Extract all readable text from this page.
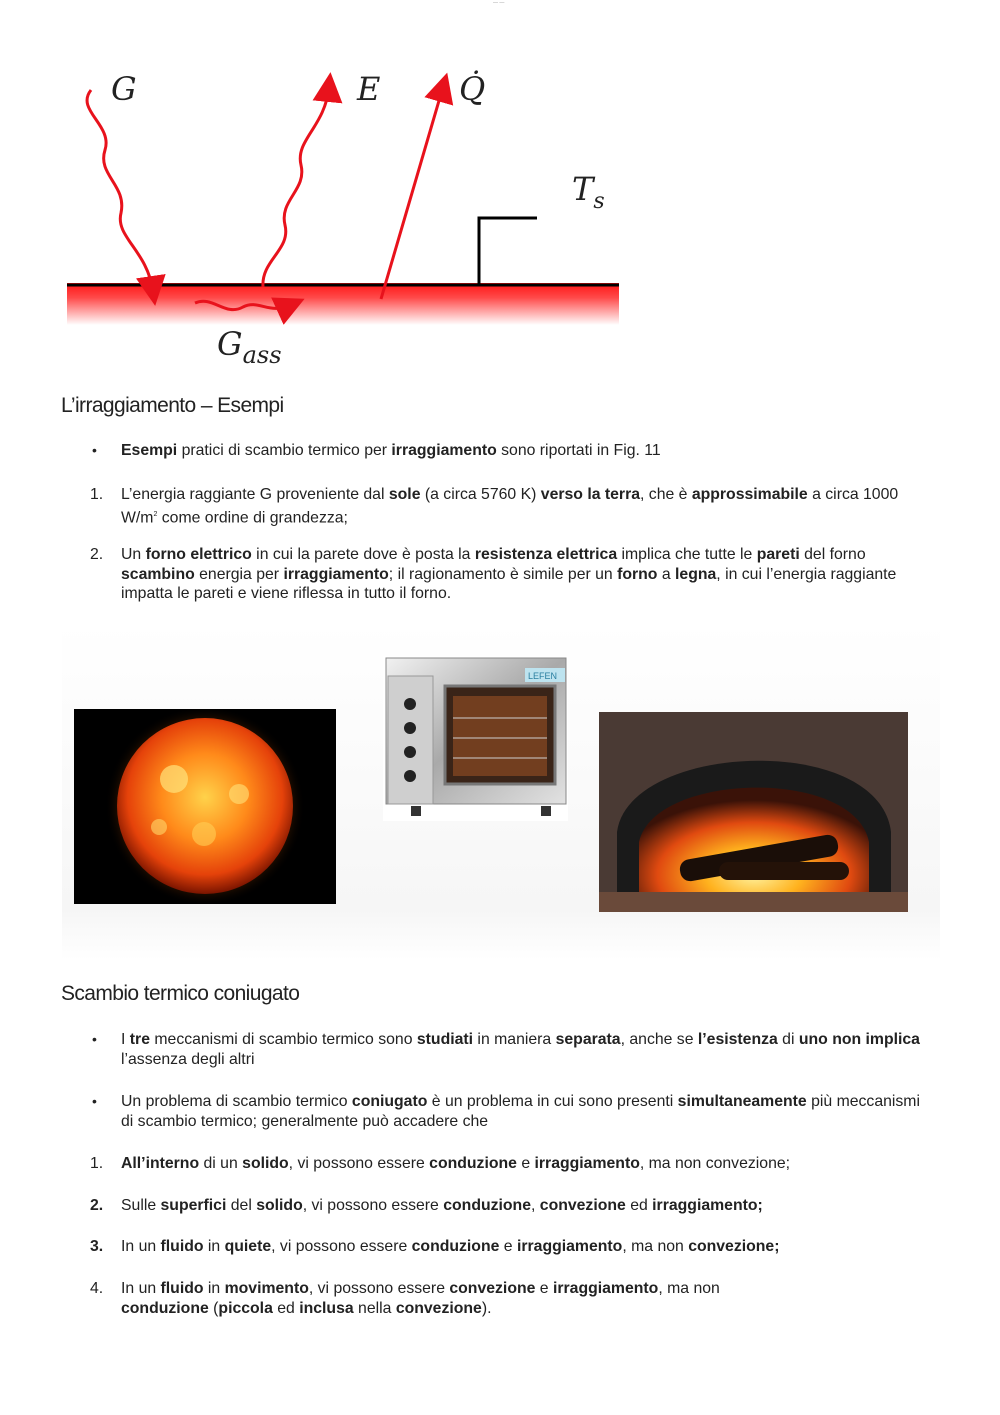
— —
G	E Q̇
$T_s$
$G_{ass}$
L’irraggiamento – Esempi
•	Esempi pratici di scambio termico per irraggiamento sono riportati in Fig. 11
1.	L’energia raggiante G proveniente dal sole (a circa 5760 K) verso la terra, che è approssimabile a circa 1000 $W/m^2$ come ordine di grandezza;
2.	Un forno elettrico in cui la parete dove è posta la resistenza elettrica implica che tutte le pareti del forno scambino energia per irraggiamento; il ragionamento è simile per un forno a legna, in cui l’energia raggiante impatta le pareti e viene riflessa in tutto il forno.
LEFEN
Scambio termico coniugato
•	I tre meccanismi di scambio termico sono studiati in maniera separata, anche se l’esistenza di uno non implica l’assenza degli altri
•	Un problema di scambio termico coniugato è un problema in cui sono presenti simultaneamente più meccanismi di scambio termico; generalmente può accadere che
1.	All’interno di un solido, vi possono essere conduzione e irraggiamento, ma non convezione;
2.	Sulle superfici del solido, vi possono essere conduzione, convezione ed irraggiamento;
3.	In un fluido in quiete, vi possono essere conduzione e irraggiamento, ma non convezione;
4.	In un fluido in movimento, vi possono essere convezione e irraggiamento, ma non conduzione (piccola ed inclusa nella convezione).
